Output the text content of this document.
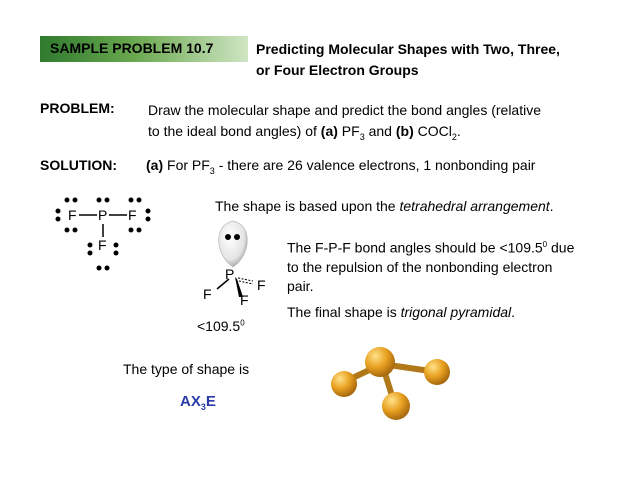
SAMPLE PROBLEM 10.7	Predicting Molecular Shapes with Two, Three,
or Four Electron Groups
PROBLEM: Draw the molecular shape and predict the bond angles (relative
to the ideal bond angles) of (a) $PF_3$ and (b) COCl$_2$.
SOLUTION: (a) For $PF_3$ - there are 26 valence electrons, 1 nonbonding pair
F P F
F
The shape is based upon the tetrahedral arrangement.
P
F
F
F
$<109.5^0$
The F-P-F bond angles should be $<109.5^0$ due
to the repulsion of the nonbonding electron
pair.
The final shape is trigonal pyramidal.
The type of shape is
$AX_3E$
